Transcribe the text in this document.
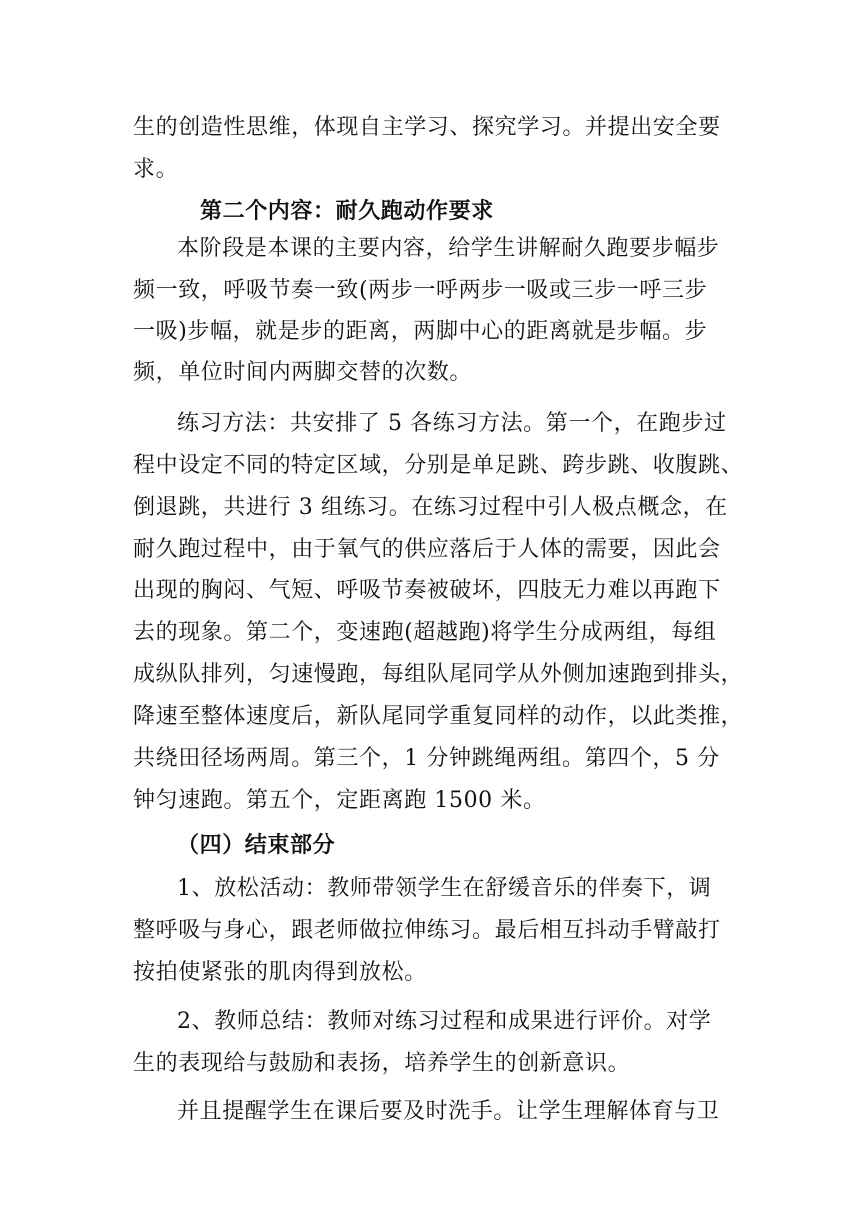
生的创造性思维，体现自主学习、探究学习。并提出安全要
求。
第二个内容：耐久跑动作要求
本阶段是本课的主要内容，给学生讲解耐久跑要步幅步
频一致，呼吸节奏一致(两步一呼两步一吸或三步一呼三步
一吸)步幅，就是步的距离，两脚中心的距离就是步幅。步
频，单位时间内两脚交替的次数。
练习方法：共安排了 5 各练习方法。第一个，在跑步过
程中设定不同的特定区域，分别是单足跳、跨步跳、收腹跳、
倒退跳，共进行 3 组练习。在练习过程中引人极点概念，在
耐久跑过程中，由于氧气的供应落后于人体的需要，因此会
出现的胸闷、气短、呼吸节奏被破坏，四肢无力难以再跑下
去的现象。第二个，变速跑(超越跑)将学生分成两组，每组
成纵队排列，匀速慢跑，每组队尾同学从外侧加速跑到排头，
降速至整体速度后，新队尾同学重复同样的动作，以此类推，
共绕田径场两周。第三个，1 分钟跳绳两组。第四个，5 分
钟匀速跑。第五个，定距离跑 1500 米。
（四）结束部分
1、放松活动：教师带领学生在舒缓音乐的伴奏下，调
整呼吸与身心，跟老师做拉伸练习。最后相互抖动手臂敲打
按拍使紧张的肌肉得到放松。
2、教师总结：教师对练习过程和成果进行评价。对学
生的表现给与鼓励和表扬，培养学生的创新意识。
并且提醒学生在课后要及时洗手。让学生理解体育与卫
